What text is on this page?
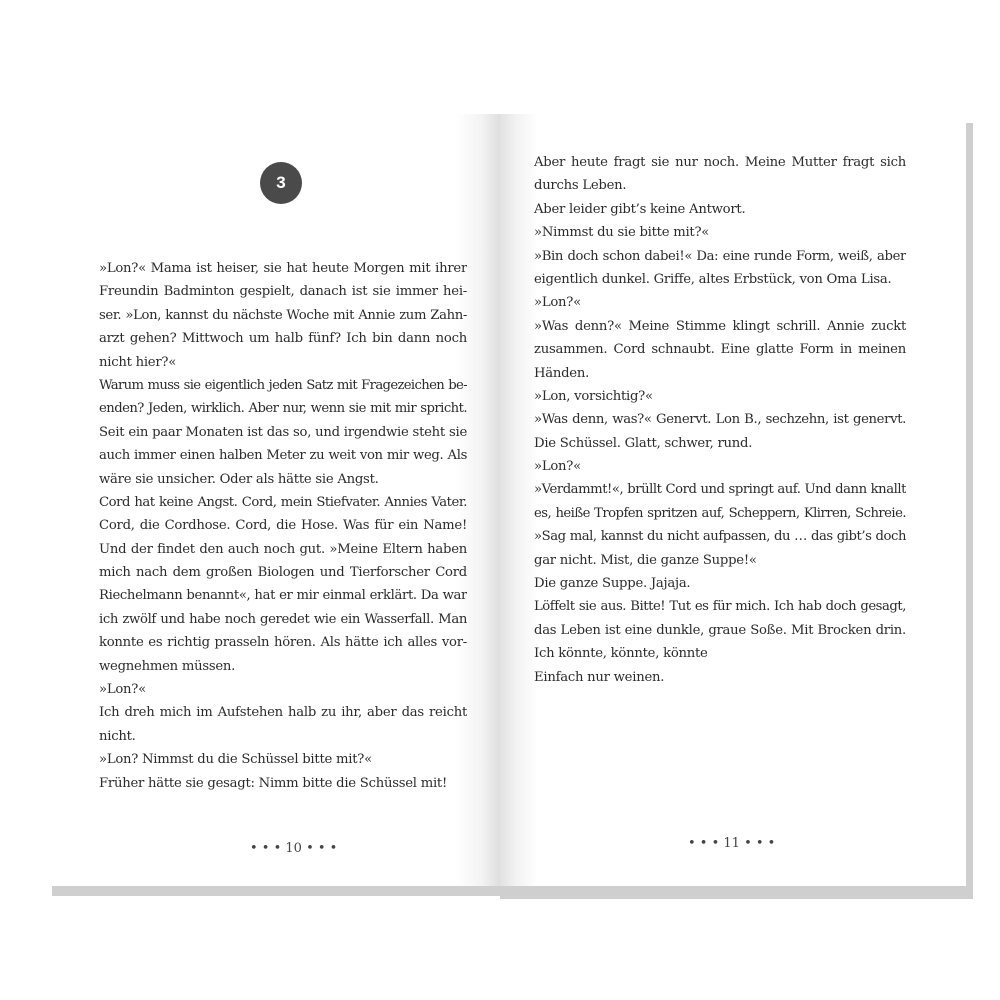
3
»Lon?« Mama ist heiser, sie hat heute Morgen mit ihrer
Freundin Badminton gespielt, danach ist sie immer hei-
ser. »Lon, kannst du nächste Woche mit Annie zum Zahn-
arzt gehen? Mittwoch um halb fünf? Ich bin dann noch
nicht hier?«
Warum muss sie eigentlich jeden Satz mit Fragezeichen be-
enden? Jeden, wirklich. Aber nur, wenn sie mit mir spricht.
Seit ein paar Monaten ist das so, und irgendwie steht sie
auch immer einen halben Meter zu weit von mir weg. Als
wäre sie unsicher. Oder als hätte sie Angst.
Cord hat keine Angst. Cord, mein Stiefvater. Annies Vater.
Cord, die Cordhose. Cord, die Hose. Was für ein Name!
Und der findet den auch noch gut. »Meine Eltern haben
mich nach dem großen Biologen und Tierforscher Cord
Riechelmann benannt«, hat er mir einmal erklärt. Da war
ich zwölf und habe noch geredet wie ein Wasserfall. Man
konnte es richtig prasseln hören. Als hätte ich alles vor-
wegnehmen müssen.
»Lon?«
Ich dreh mich im Aufstehen halb zu ihr, aber das reicht
nicht.
»Lon? Nimmst du die Schüssel bitte mit?«
Früher hätte sie gesagt: Nimm bitte die Schüssel mit!
• • • 10 • • •
Aber heute fragt sie nur noch. Meine Mutter fragt sich
durchs Leben.
Aber leider gibt’s keine Antwort.
»Nimmst du sie bitte mit?«
»Bin doch schon dabei!« Da: eine runde Form, weiß, aber
eigentlich dunkel. Griffe, altes Erbstück, von Oma Lisa.
»Lon?«
»Was denn?« Meine Stimme klingt schrill. Annie zuckt
zusammen. Cord schnaubt. Eine glatte Form in meinen
Händen.
»Lon, vorsichtig?«
»Was denn, was?« Genervt. Lon B., sechzehn, ist genervt.
Die Schüssel. Glatt, schwer, rund.
»Lon?«
»Verdammt!«, brüllt Cord und springt auf. Und dann knallt
es, heiße Tropfen spritzen auf, Scheppern, Klirren, Schreie.
»Sag mal, kannst du nicht aufpassen, du … das gibt’s doch
gar nicht. Mist, die ganze Suppe!«
Die ganze Suppe. Jajaja.
Löffelt sie aus. Bitte! Tut es für mich. Ich hab doch gesagt,
das Leben ist eine dunkle, graue Soße. Mit Brocken drin.
Ich könnte, könnte, könnte
Einfach nur weinen.
• • • 11 • • •
